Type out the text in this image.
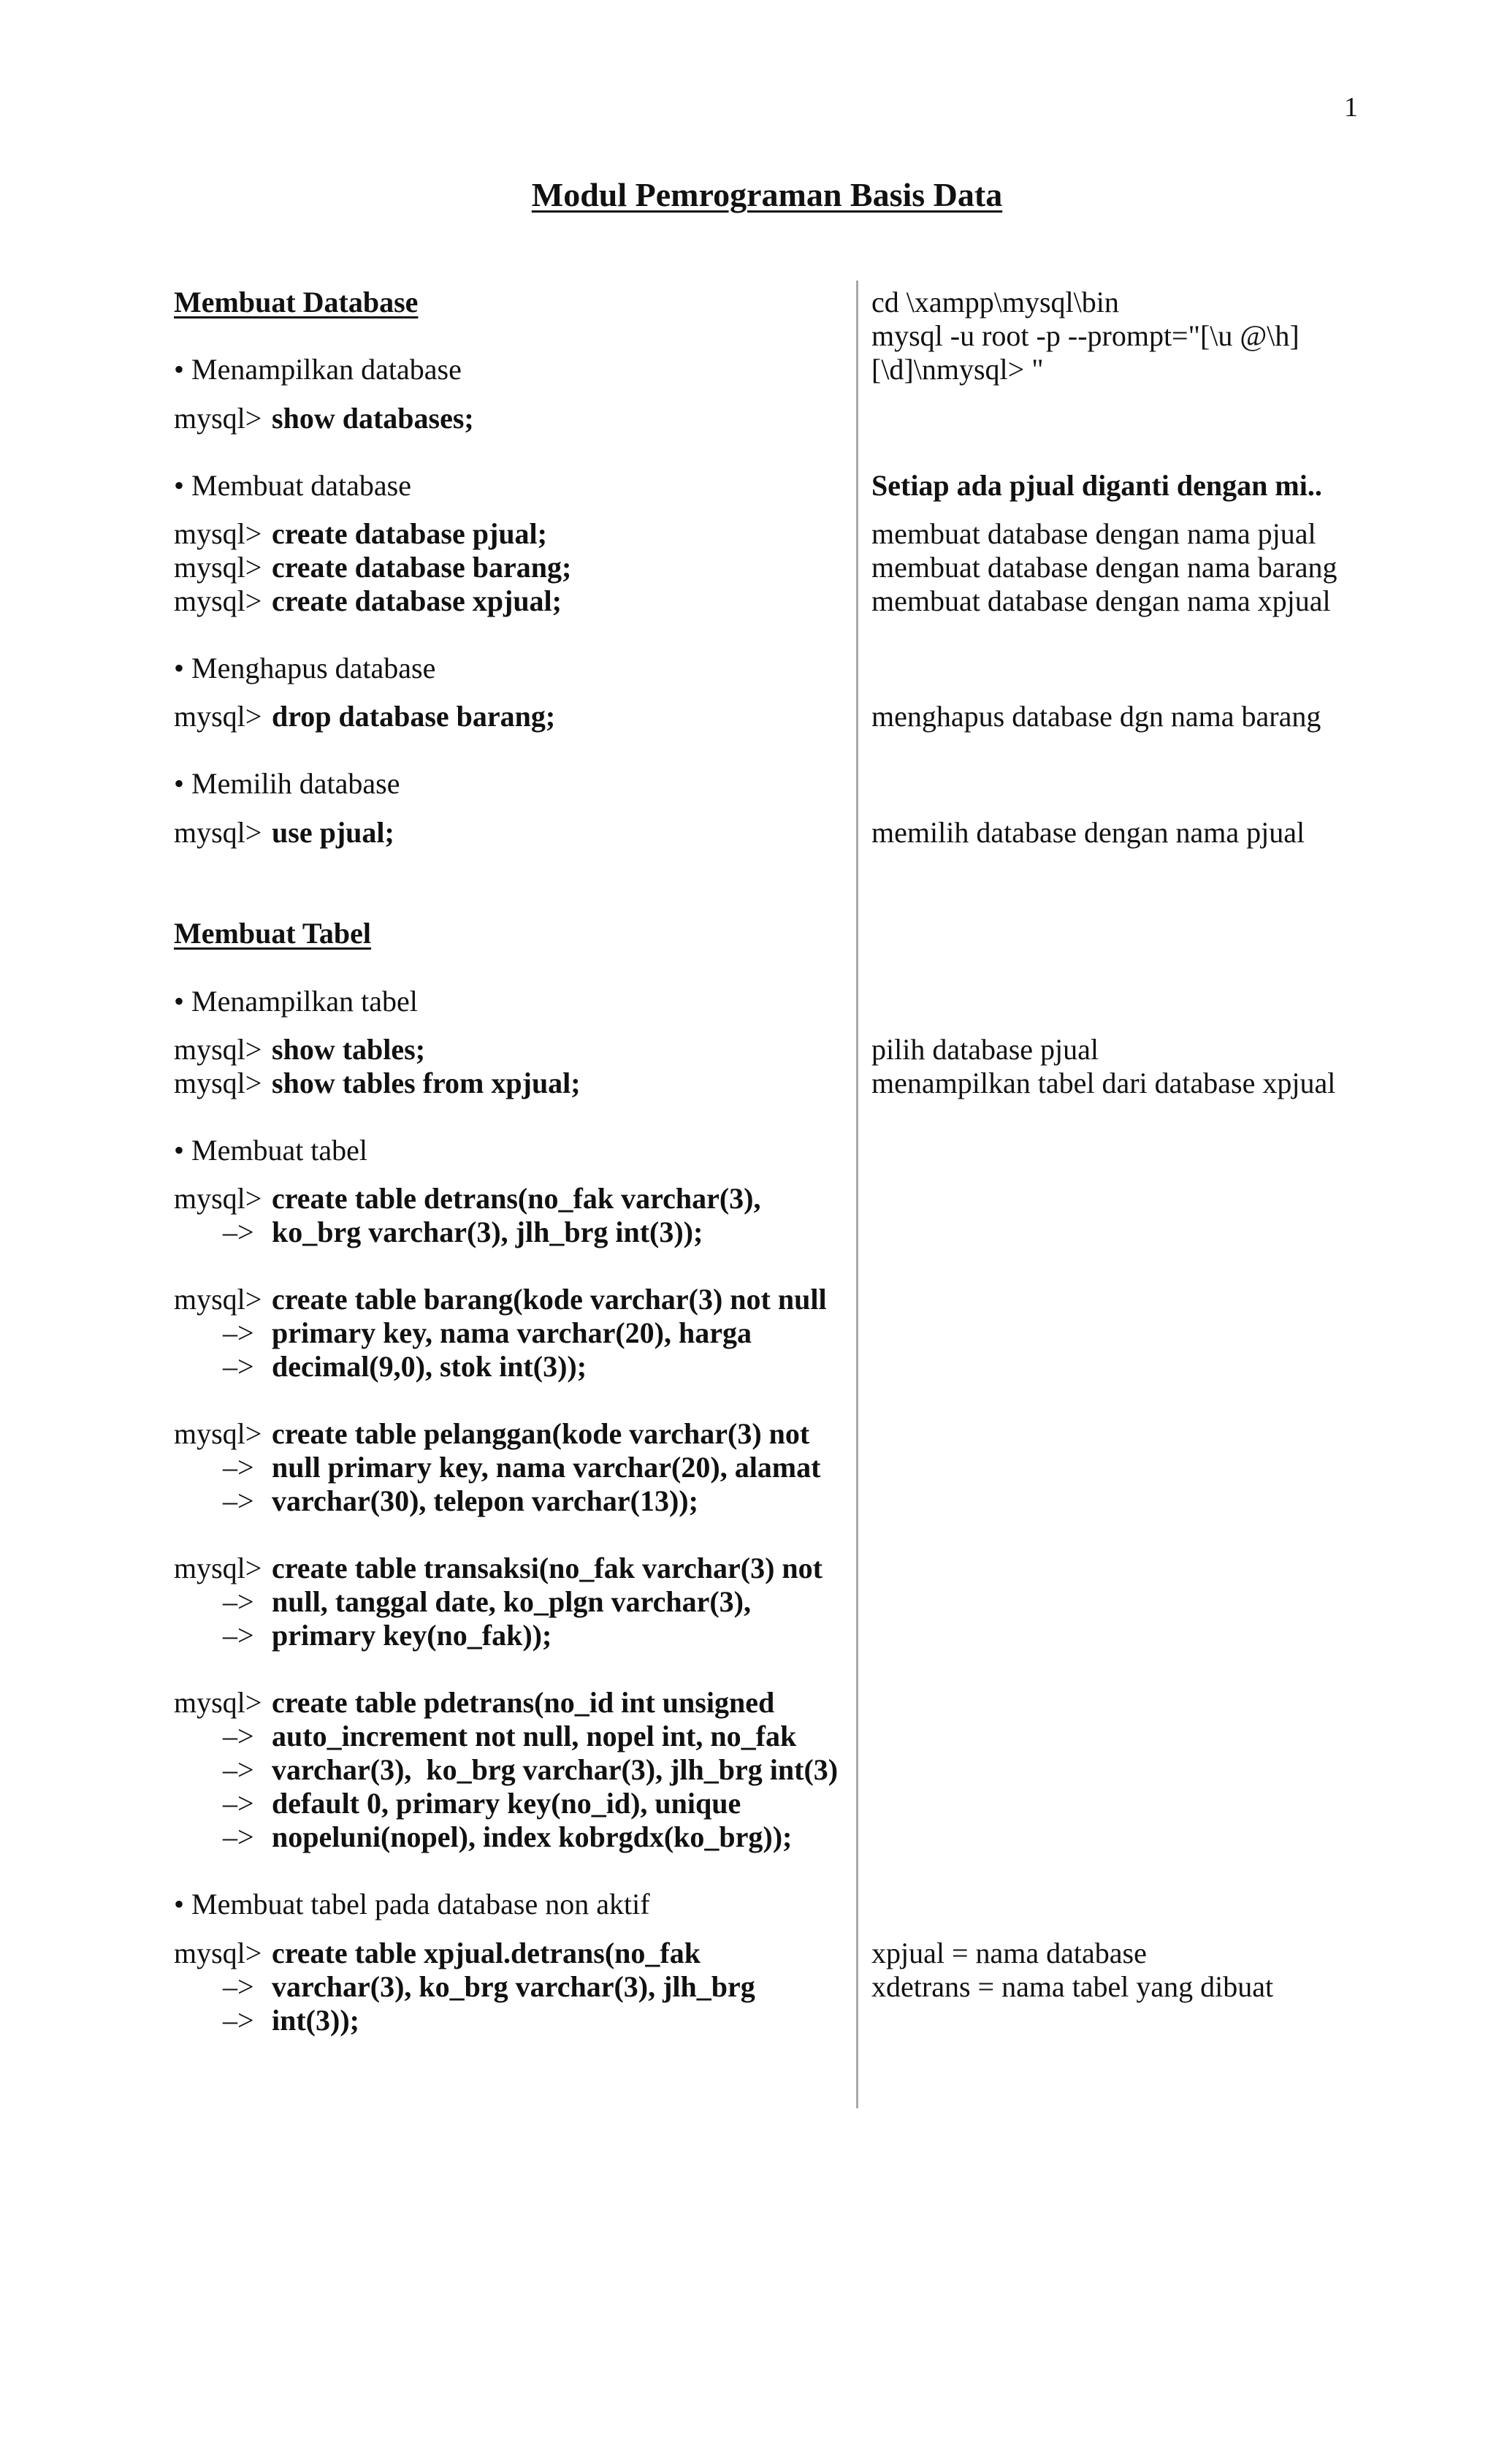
1
Modul Pemrograman Basis Data
Membuat Database	cd \xampp\mysql\bin
mysql -u root -p --prompt="[\u @\h]
[\d]\nmysql> "
• Menampilkan database
mysql> show databases;
• Membuat database	Setiap ada pjual diganti dengan mi..
mysql> create database pjual;	membuat database dengan nama pjual
mysql> create database barang;	membuat database dengan nama barang
mysql> create database xpjual;	membuat database dengan nama xpjual
• Menghapus database
mysql> drop database barang;	menghapus database dgn nama barang
• Memilih database
mysql> use pjual;	memilih database dengan nama pjual
Membuat Tabel
• Menampilkan tabel
mysql> show tables;	pilih database pjual
mysql> show tables from xpjual;	menampilkan tabel dari database xpjual
• Membuat tabel
mysql> create table detrans(no_fak varchar(3),
–> ko_brg varchar(3), jlh_brg int(3));
mysql> create table barang(kode varchar(3) not null
–> primary key, nama varchar(20), harga
–> decimal(9,0), stok int(3));
mysql> create table pelanggan(kode varchar(3) not
–> null primary key, nama varchar(20), alamat
–> varchar(30), telepon varchar(13));
mysql> create table transaksi(no_fak varchar(3) not
–> null, tanggal date, ko_plgn varchar(3),
–> primary key(no_fak));
mysql> create table pdetrans(no_id int unsigned
–> auto_increment not null, nopel int, no_fak
–> varchar(3),  ko_brg varchar(3), jlh_brg int(3)
–> default 0, primary key(no_id), unique
–> nopeluni(nopel), index kobrgdx(ko_brg));
• Membuat tabel pada database non aktif
mysql> create table xpjual.detrans(no_fak	xpjual = nama database
–> varchar(3), ko_brg varchar(3), jlh_brg	xdetrans = nama tabel yang dibuat
–> int(3));
